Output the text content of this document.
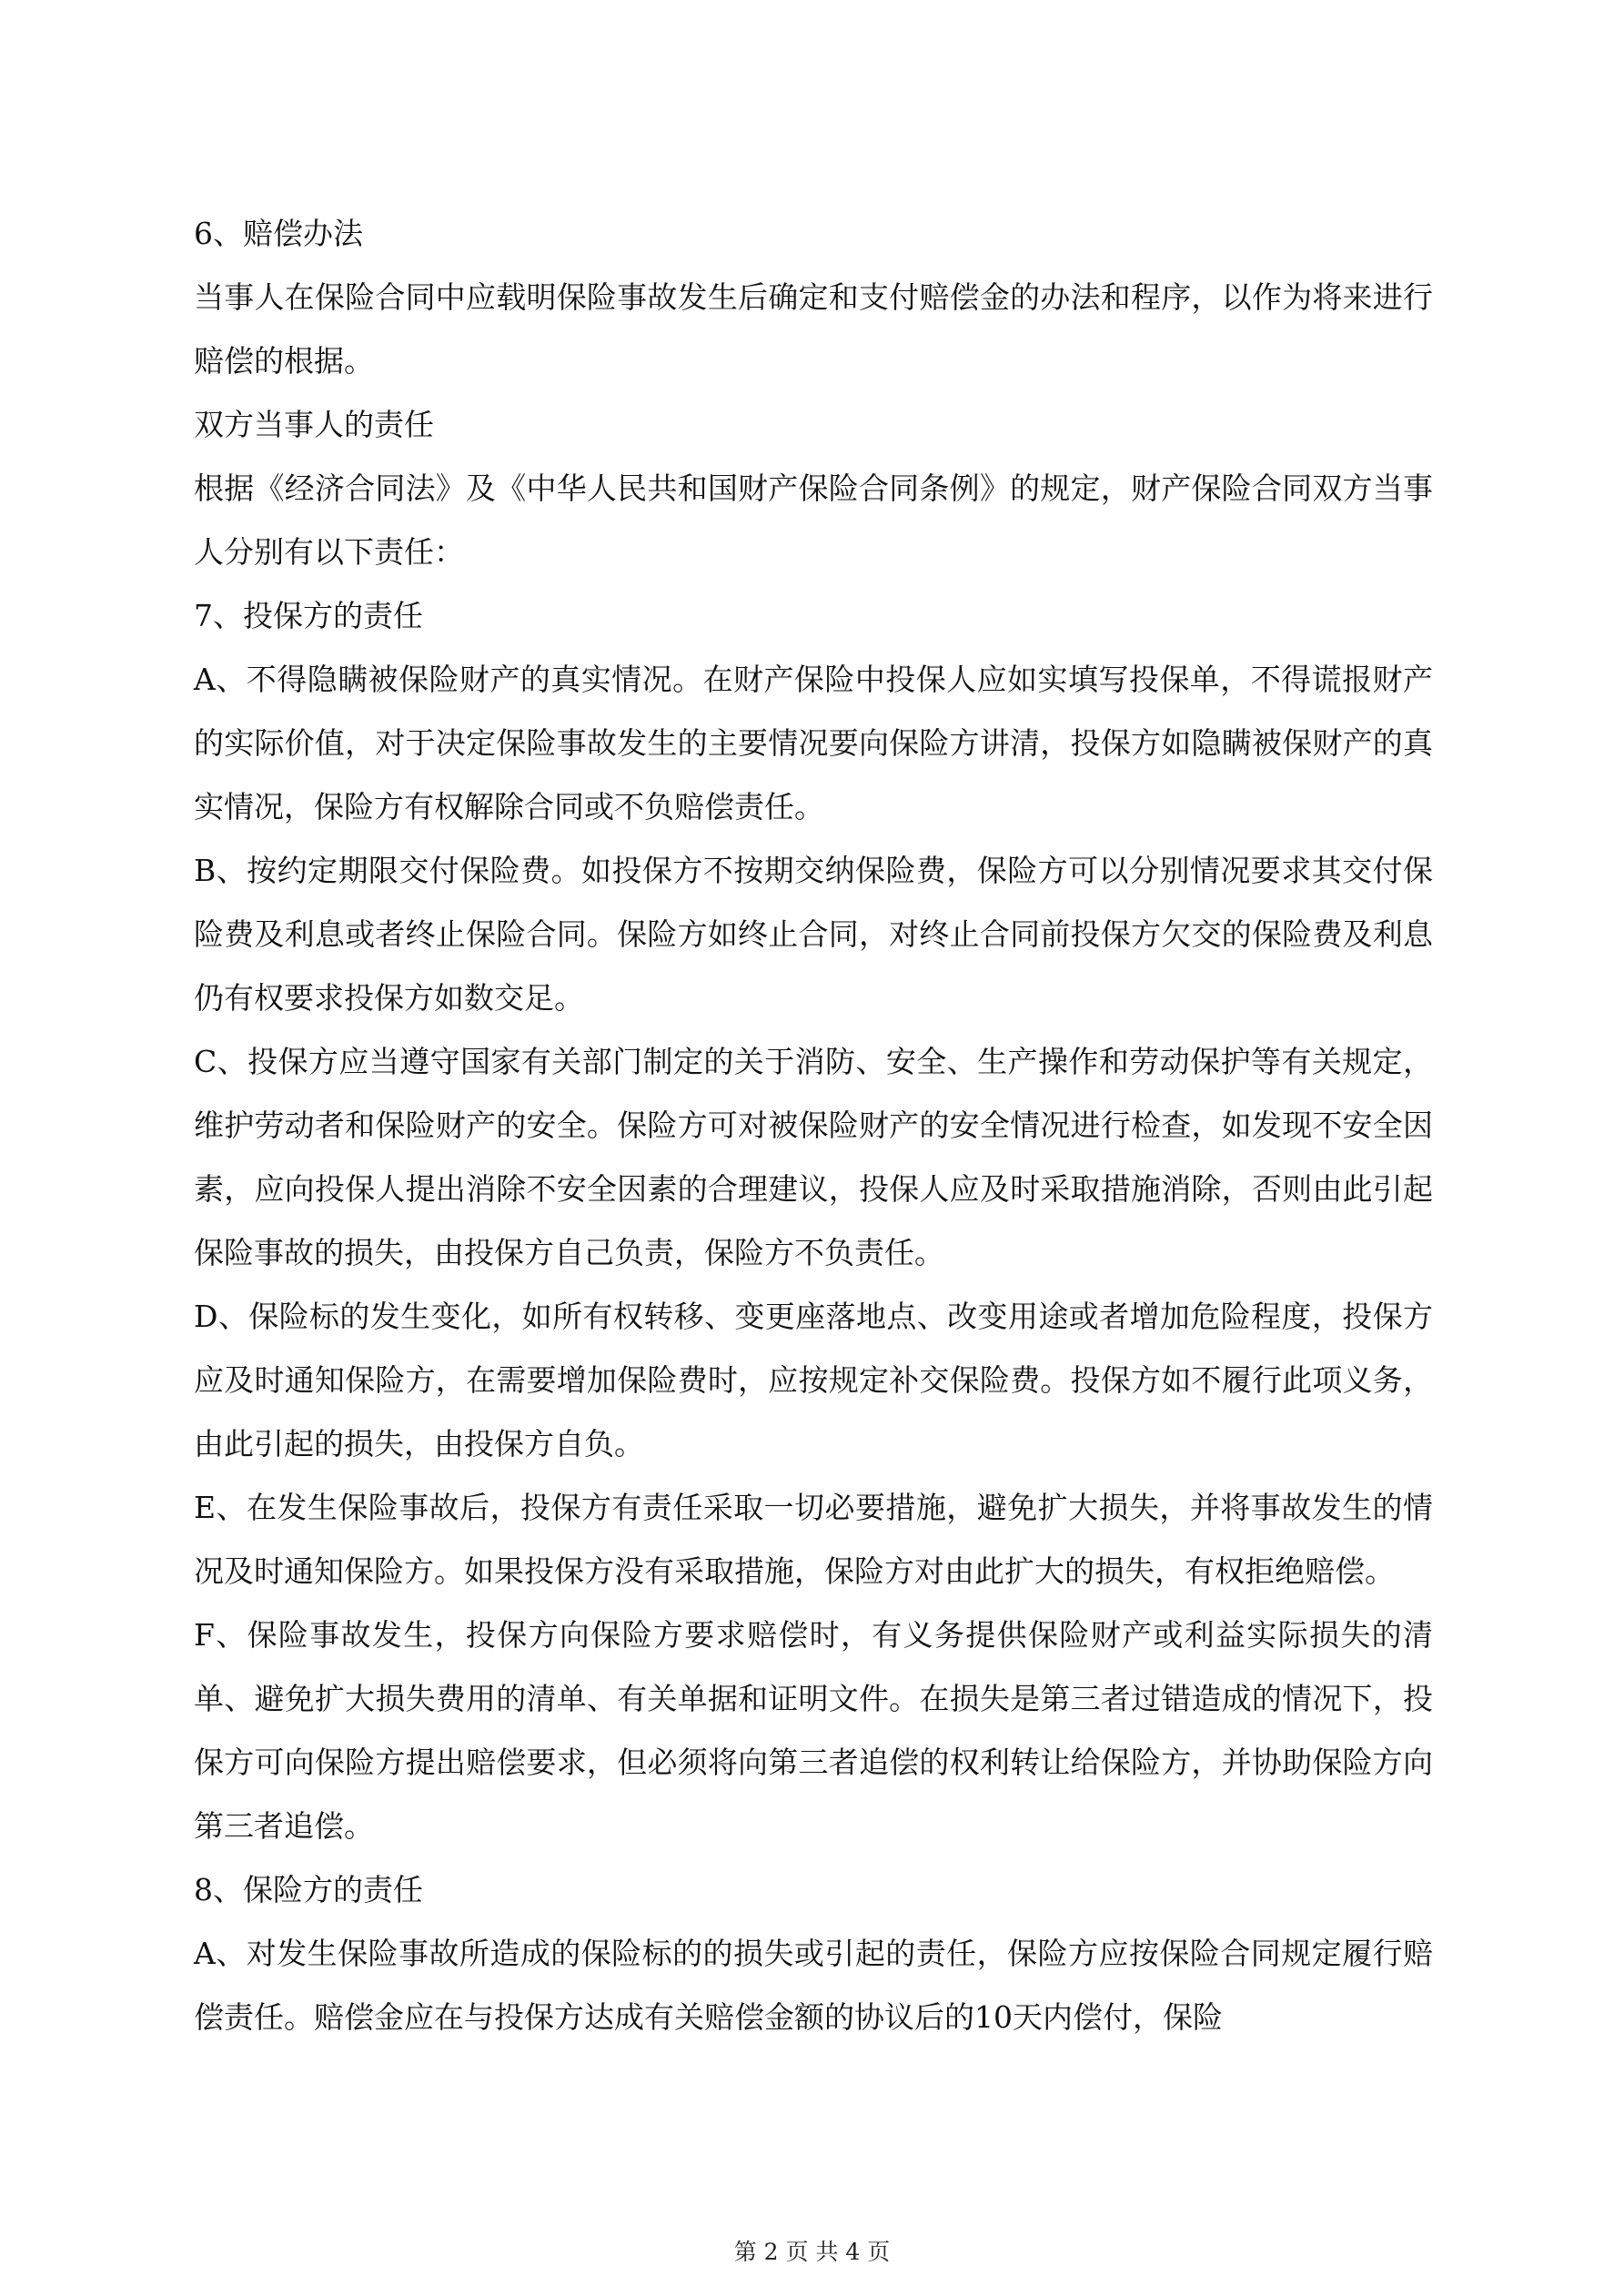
6、赔偿办法

当事人在保险合同中应载明保险事故发生后确定和支付赔偿金的办法和程序，以作为将来进行赔偿的根据。

双方当事人的责任

根据《经济合同法》及《中华人民共和国财产保险合同条例》的规定，财产保险合同双方当事人分别有以下责任：

7、投保方的责任

A、不得隐瞒被保险财产的真实情况。在财产保险中投保人应如实填写投保单，不得谎报财产的实际价值，对于决定保险事故发生的主要情况要向保险方讲清，投保方如隐瞒被保财产的真实情况，保险方有权解除合同或不负赔偿责任。

B、按约定期限交付保险费。如投保方不按期交纳保险费，保险方可以分别情况要求其交付保险费及利息或者终止保险合同。保险方如终止合同，对终止合同前投保方欠交的保险费及利息仍有权要求投保方如数交足。

C、投保方应当遵守国家有关部门制定的关于消防、安全、生产操作和劳动保护等有关规定，维护劳动者和保险财产的安全。保险方可对被保险财产的安全情况进行检查，如发现不安全因素，应向投保人提出消除不安全因素的合理建议，投保人应及时采取措施消除，否则由此引起保险事故的损失，由投保方自己负责，保险方不负责任。

D、保险标的发生变化，如所有权转移、变更座落地点、改变用途或者增加危险程度，投保方应及时通知保险方，在需要增加保险费时，应按规定补交保险费。投保方如不履行此项义务，由此引起的损失，由投保方自负。

E、在发生保险事故后，投保方有责任采取一切必要措施，避免扩大损失，并将事故发生的情况及时通知保险方。如果投保方没有采取措施，保险方对由此扩大的损失，有权拒绝赔偿。

F、保险事故发生，投保方向保险方要求赔偿时，有义务提供保险财产或利益实际损失的清单、避免扩大损失费用的清单、有关单据和证明文件。在损失是第三者过错造成的情况下，投保方可向保险方提出赔偿要求，但必须将向第三者追偿的权利转让给保险方，并协助保险方向第三者追偿。

8、保险方的责任

A、对发生保险事故所造成的保险标的的损失或引起的责任，保险方应按保险合同规定履行赔偿责任。赔偿金应在与投保方达成有关赔偿金额的协议后的10天内偿付，保险

第 2 页 共 4 页
